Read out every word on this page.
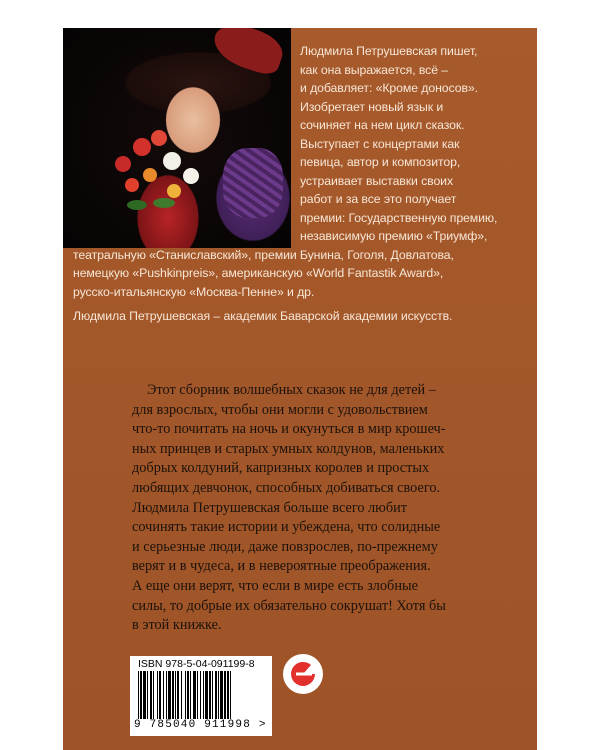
Людмила Петрушевская пишет,
как она выражается, всё –
и добавляет: «Кроме доносов».
Изобретает новый язык и
сочиняет на нем цикл сказок.
Выступает с концертами как
певица, автор и композитор,
устраивает выставки своих
работ и за все это получает
премии: Государственную премию,
независимую премию «Триумф»,
театральную «Станиславский», премии Бунина, Гоголя, Довлатова,
немецкую «Pushkinpreis», американскую «World Fantastik Award»,
русско-итальянскую «Москва-Пенне» и др.
Людмила Петрушевская – академик Баварской академии искусств.
Этот сборник волшебных сказок не для детей –
для взрослых, чтобы они могли с удовольствием
что-то почитать на ночь и окунуться в мир крошеч-
ных принцев и старых умных колдунов, маленьких
добрых колдуний, капризных королев и простых
любящих девчонок, способных добиваться своего.
Людмила Петрушевская больше всего любит
сочинять такие истории и убеждена, что солидные
и серьезные люди, даже повзрослев, по-прежнему
верят и в чудеса, и в невероятные преображения.
А еще они верят, что если в мире есть злобные
силы, то добрые их обязательно сокрушат! Хотя бы
в этой книжке.
ISBN 978-5-04-091199-8
9 785040 911998 >
